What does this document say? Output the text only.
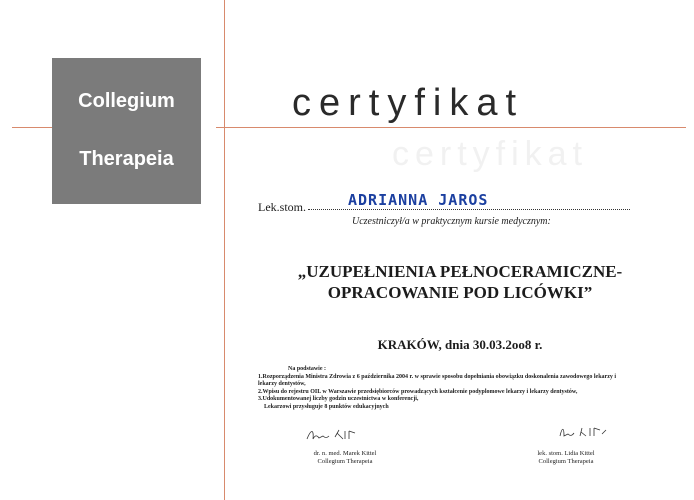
Collegium
Therapeia	certyfikat
certyfikat
Lek.stom.	ADRIANNA JAROS
Uczestniczył/a w praktycznym kursie medycznym:
„UZUPEŁNIENIA PEŁNOCERAMICZNE-
OPRACOWANIE POD LICÓWKI”
KRAKÓW, dnia 30.03.2oo8 r.
Na podstawie :
1.Rozporządzenia Ministra Zdrowia z 6 października 2004 r. w sprawie sposobu dopełniania obowiązku doskonalenia zawodowego lekarzy i
lekarzy dentystów,
2.Wpisu do rejestru OIL w Warszawie przedsiębiorców prowadzących kształcenie podyplomowe lekarzy i lekarzy dentystów,
3.Udokumentowanej liczby godzin uczestnictwa w konferencji,
Lekarzowi przysługuje 8 punktów edukacyjnych
dr. n. med. Marek Kittel
Collegium Therapeia
lek. stom. Lidia Kittel
Collegium Therapeia
